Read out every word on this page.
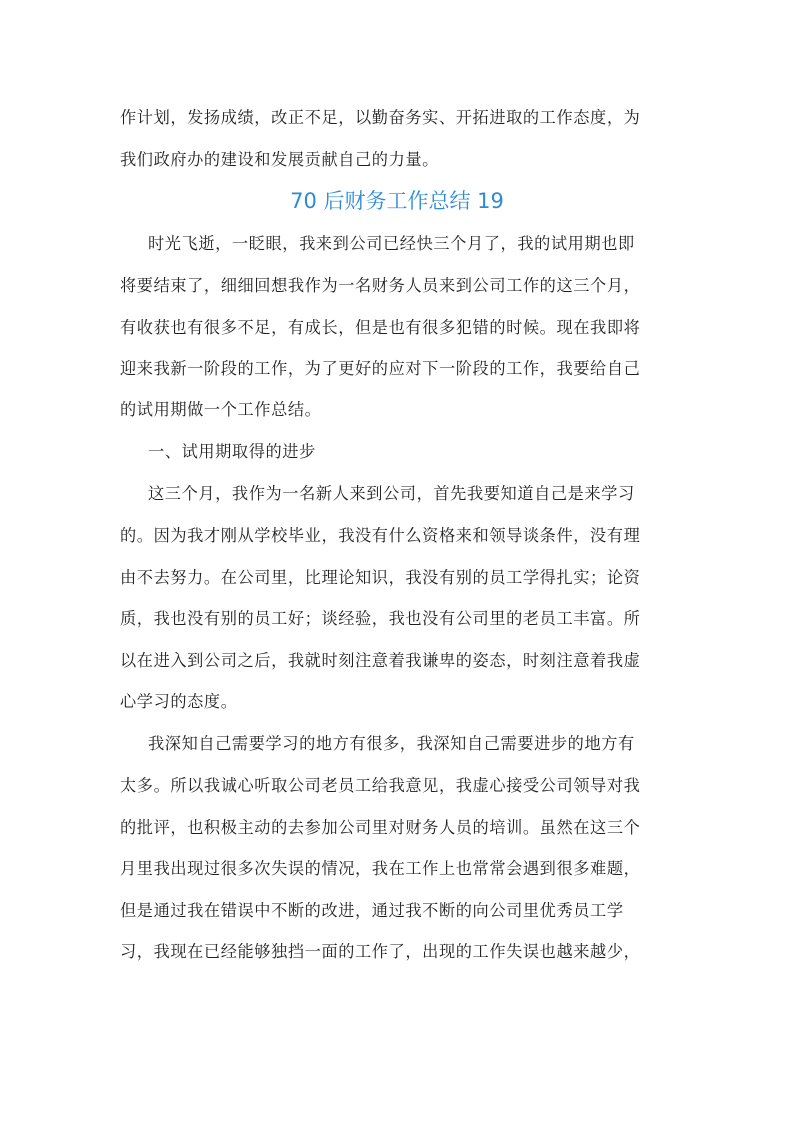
作计划，发扬成绩，改正不足，以勤奋务实、开拓进取的工作态度，为
我们政府办的建设和发展贡献自己的力量。
70 后财务工作总结 19
时光飞逝，一眨眼，我来到公司已经快三个月了，我的试用期也即
将要结束了，细细回想我作为一名财务人员来到公司工作的这三个月，
有收获也有很多不足，有成长，但是也有很多犯错的时候。现在我即将
迎来我新一阶段的工作，为了更好的应对下一阶段的工作，我要给自己
的试用期做一个工作总结。
一、试用期取得的进步
这三个月，我作为一名新人来到公司，首先我要知道自己是来学习
的。因为我才刚从学校毕业，我没有什么资格来和领导谈条件，没有理
由不去努力。在公司里，比理论知识，我没有别的员工学得扎实；论资
质，我也没有别的员工好；谈经验，我也没有公司里的老员工丰富。所
以在进入到公司之后，我就时刻注意着我谦卑的姿态，时刻注意着我虚
心学习的态度。
我深知自己需要学习的地方有很多，我深知自己需要进步的地方有
太多。所以我诚心听取公司老员工给我意见，我虚心接受公司领导对我
的批评，也积极主动的去参加公司里对财务人员的培训。虽然在这三个
月里我出现过很多次失误的情况，我在工作上也常常会遇到很多难题，
但是通过我在错误中不断的改进，通过我不断的向公司里优秀员工学
习，我现在已经能够独挡一面的工作了，出现的工作失误也越来越少，
